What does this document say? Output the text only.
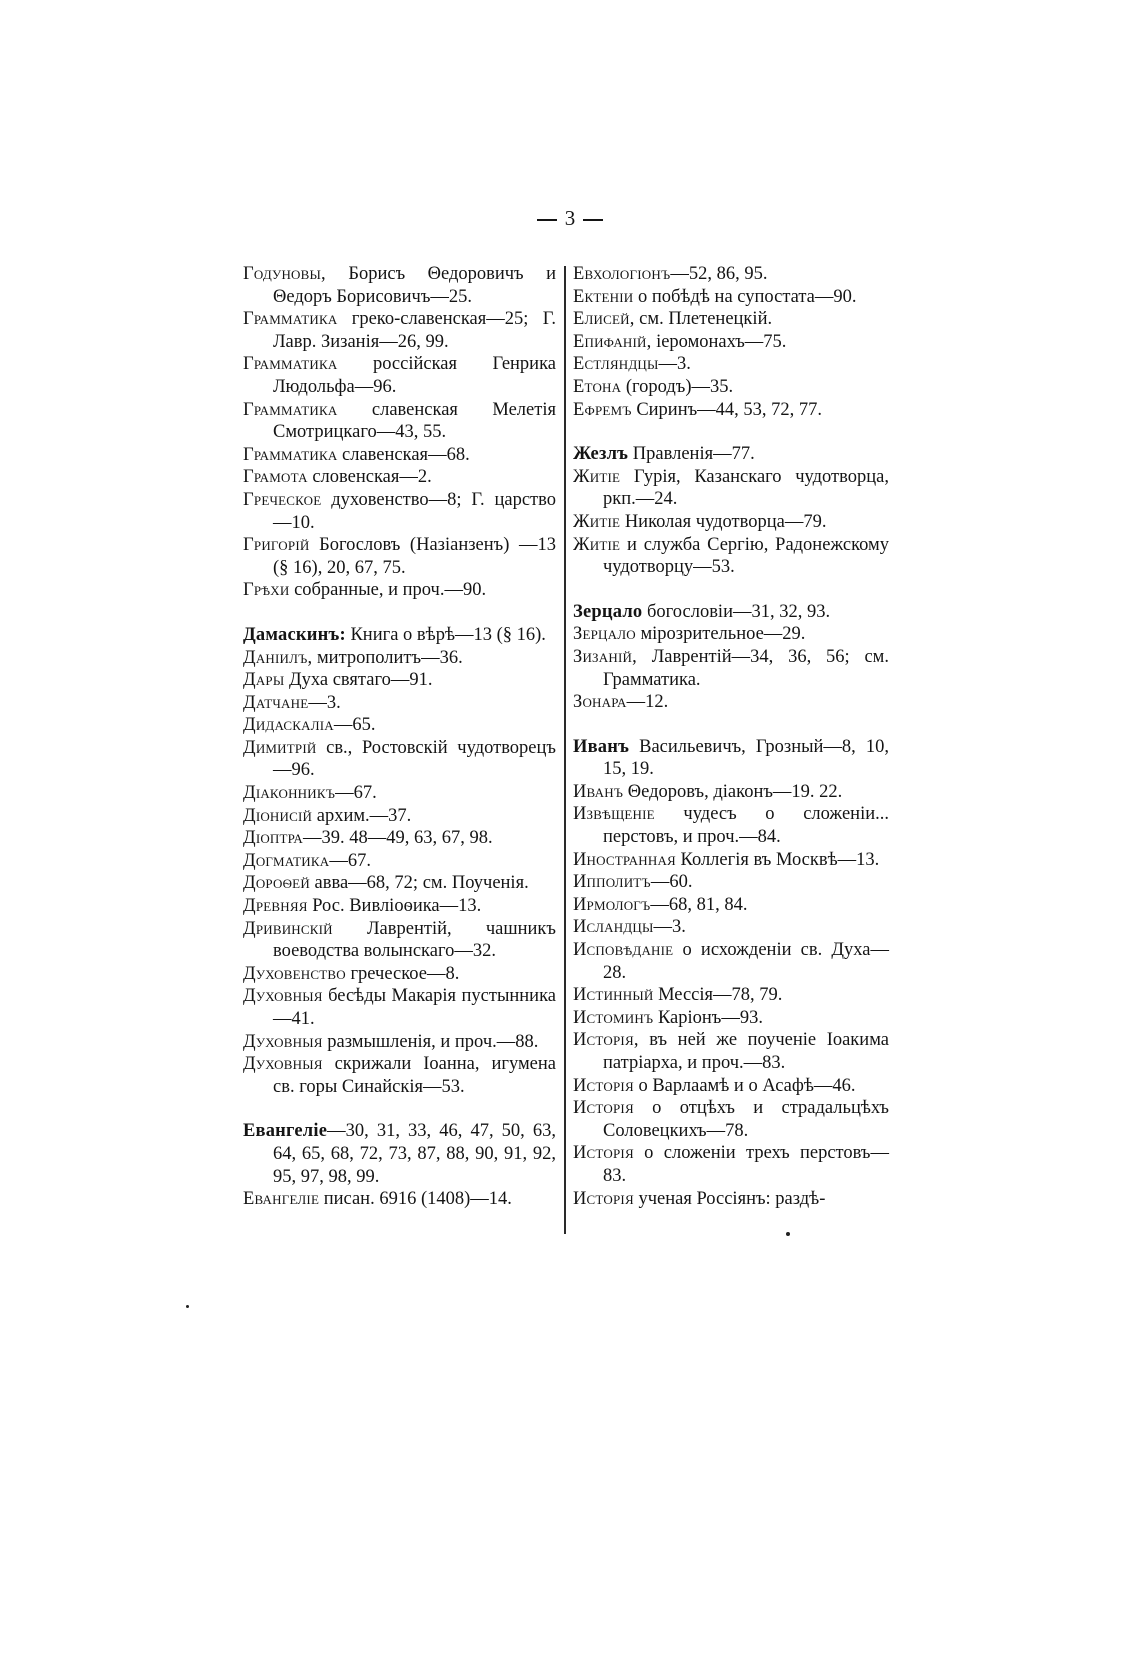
3
Годуновы, Борисъ Θедоровичъ и Θедоръ Борисовичъ—25.
Грамматика греко-славенская—25; Г. Лавр. Зизанія—26, 99.
Грамматика россійская Генрика Людольфа—96.
Грамматика славенская Мелетія Смотрицкаго—43, 55.
Грамматика славенская—68.
Грамота словенская—2.
Греческое духовенство—8; Г. царство—10.
Григорій Богословъ (Назіанзенъ) —13 (§ 16), 20, 67, 75.
Грѣхи собранные, и проч.—90.
Дамаскинъ: Книга о вѣрѣ—13 (§ 16).
Даніилъ, митрополитъ—36.
Дары Духа святаго—91.
Датчане—3.
Дидаскаліа—65.
Димитрій св., Ростовскій чудотворецъ—96.
Діаконникъ—67.
Діонисій архим.—37.
Діоптра—39. 48—49, 63, 67, 98.
Догматика—67.
Дороѳей авва—68, 72; см. Поученія.
Древняя Рос. Вивліоѳика—13.
Дривинскій Лаврентій, чашникъ воеводства волынскаго—32.
Духовенство греческое—8.
Духовныя бесѣды Макарія пустынника—41.
Духовныя размышленія, и проч.—88.
Духовныя скрижали Іоанна, игумена св. горы Синайскія—53.
Евангеліе—30, 31, 33, 46, 47, 50, 63, 64, 65, 68, 72, 73, 87, 88, 90, 91, 92, 95, 97, 98, 99.
Евангеліе писан. 6916 (1408)—14.
Евхологіонъ—52, 86, 95.
Ектеніи о побѣдѣ на супостата—90.
Елисей, см. Плетенецкій.
Епифаній, іеромонахъ—75.
Естляндцы—3.
Етона (городъ)—35.
Ефремъ Сиринъ—44, 53, 72, 77.
Жезлъ Правленія—77.
Житіе Гурія, Казанскаго чудотворца, ркп.—24.
Житіе Николая чудотворца—79.
Житіе и служба Сергію, Радонежскому чудотворцу—53.
Зерцало богословіи—31, 32, 93.
Зерцало мірозрительное—29.
Зизаній, Лаврентій—34, 36, 56; см. Грамматика.
Зонара—12.
Иванъ Васильевичъ, Грозный—8, 10, 15, 19.
Иванъ Θедоровъ, діаконъ—19. 22.
Извѣщеніе чудесъ о сложеніи... перстовъ, и проч.—84.
Иностранная Коллегія въ Москвѣ—13.
Ипполитъ—60.
Ирмологъ—68, 81, 84.
Исландцы—3.
Исповѣданіе о исхожденіи св. Духа—28.
Истинный Мессія—78, 79.
Истоминъ Каріонъ—93.
Исторія, въ ней же поученіе Іоакима патріарха, и проч.—83.
Исторія о Варлаамѣ и о Асафѣ—46.
Исторія о отцѣхъ и страдальцѣхъ Соловецкихъ—78.
Исторія о сложеніи трехъ перстовъ—83.
Исторія ученая Россіянъ: раздѣ-
